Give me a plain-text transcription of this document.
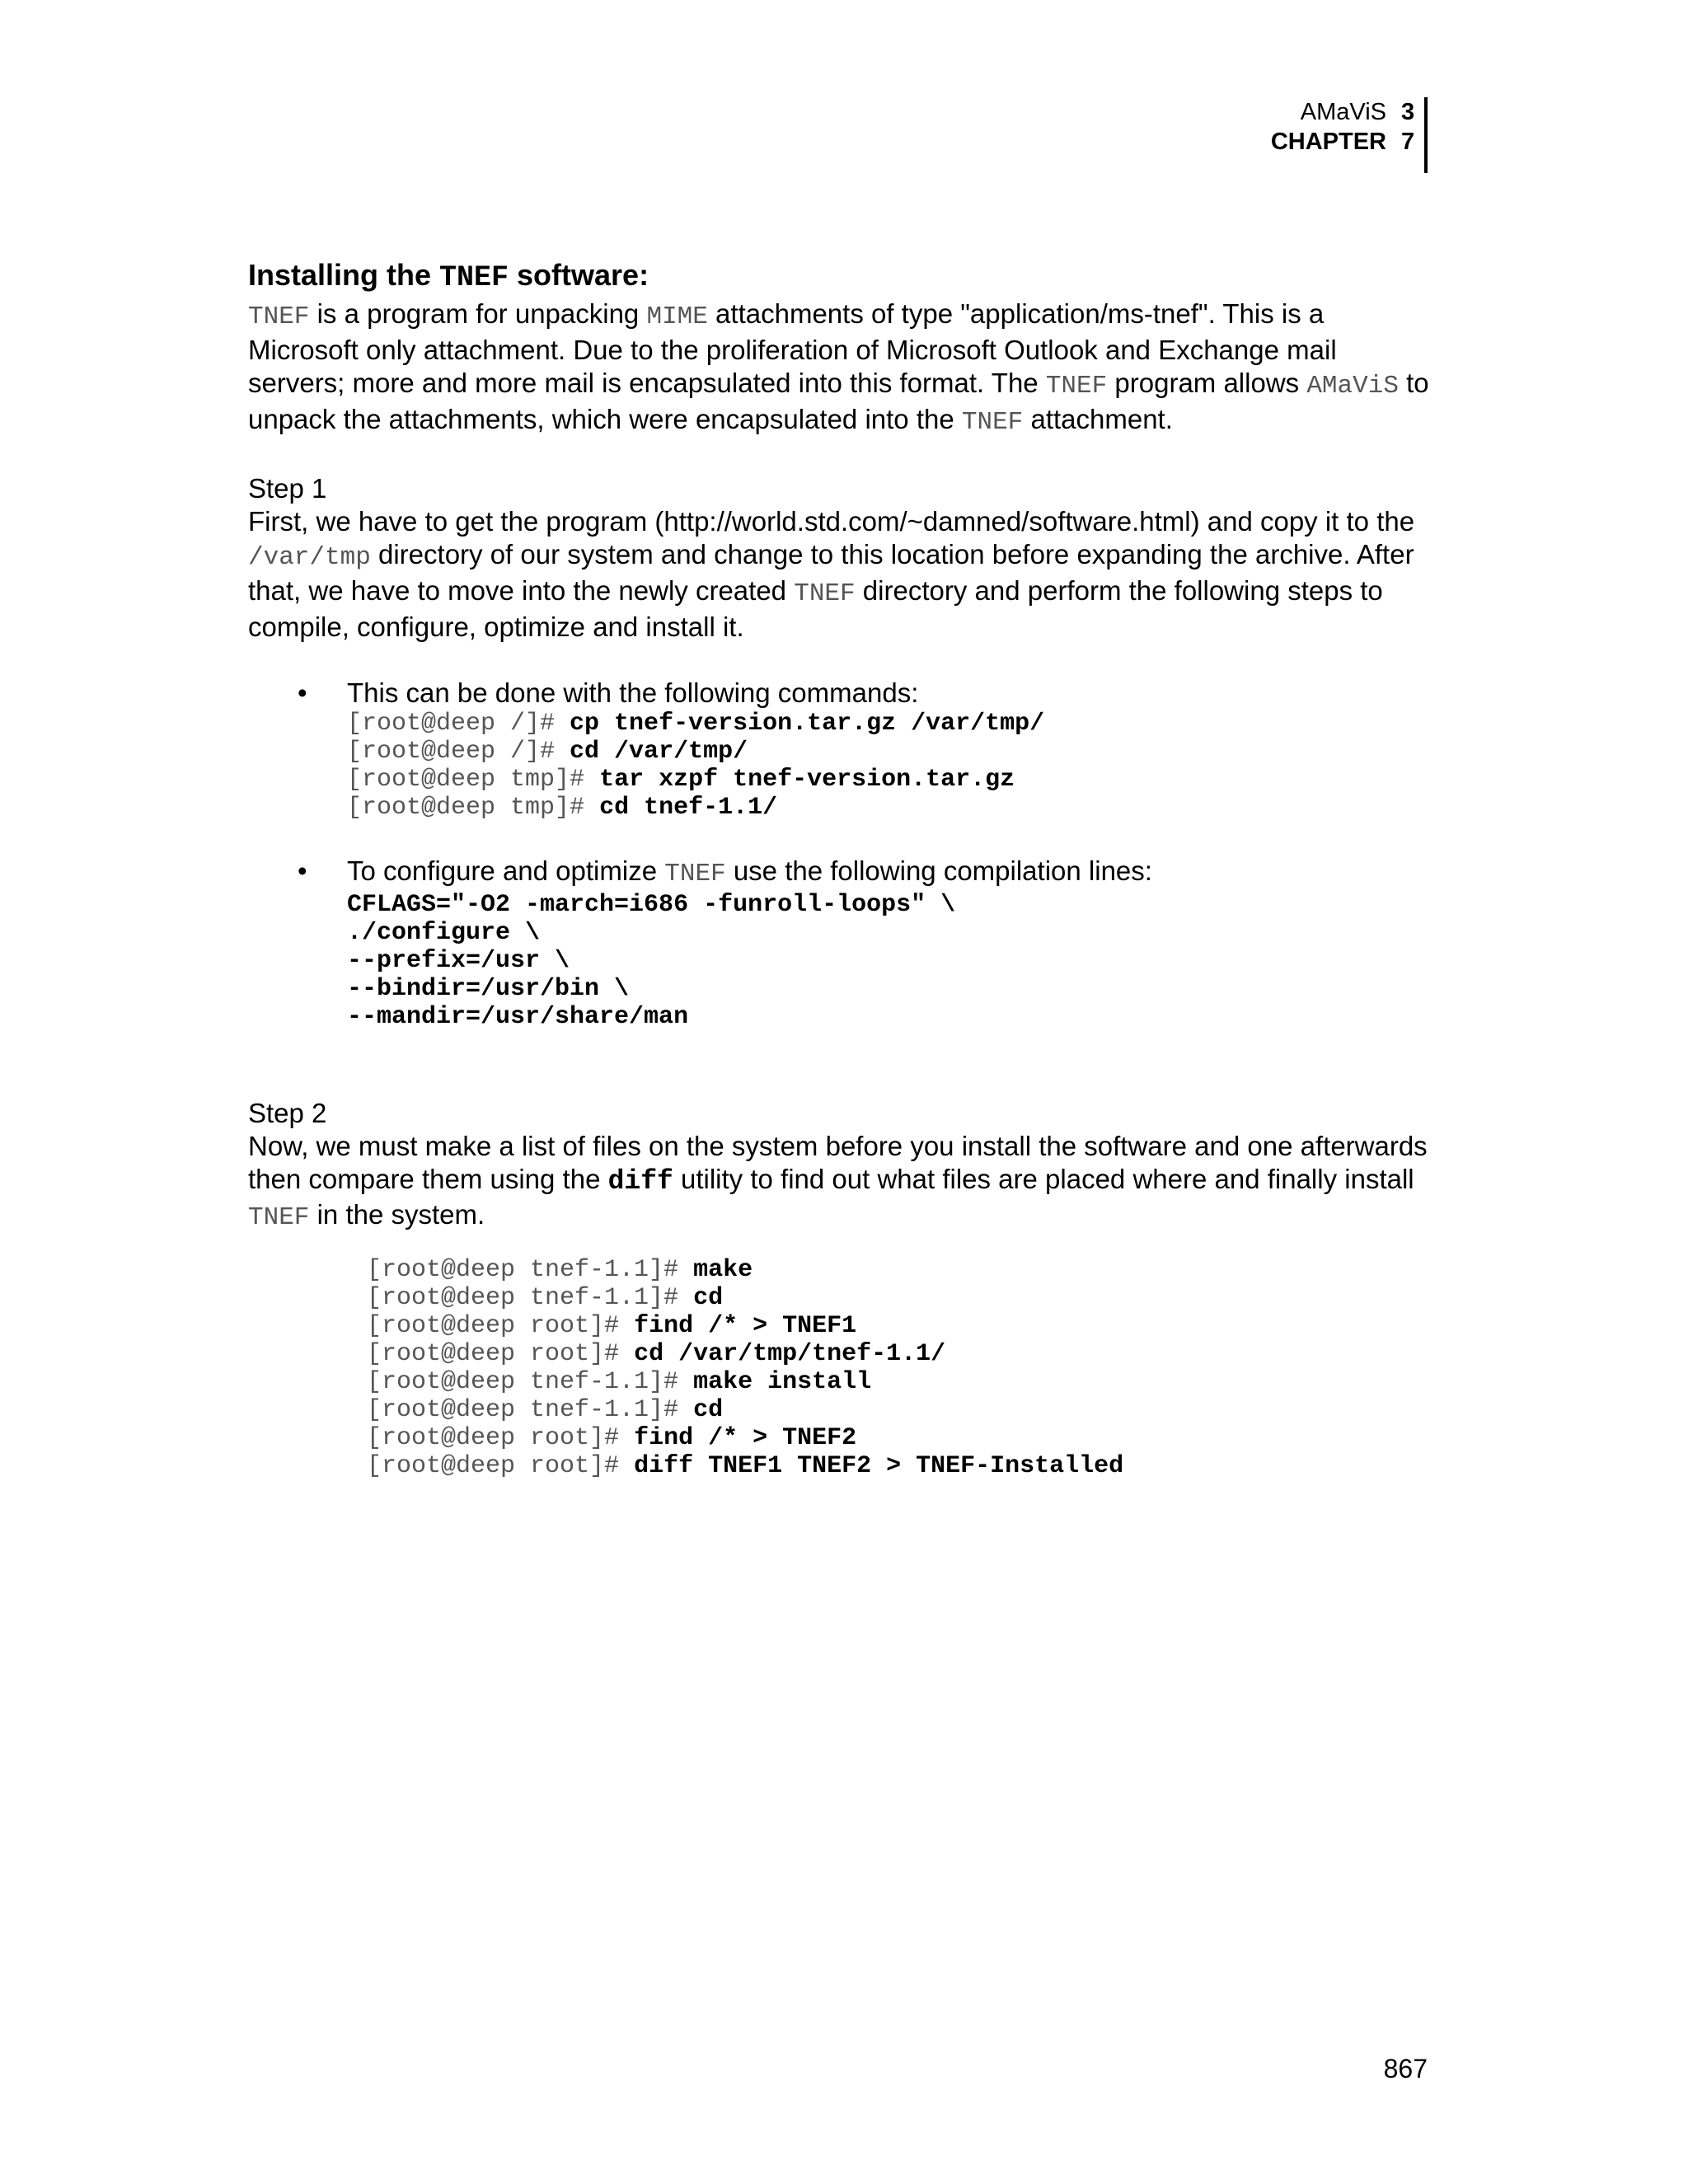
AMaViS 3
CHAPTER 7
Installing the TNEF software:

TNEF is a program for unpacking MIME attachments of type "application/ms-tnef". This is a Microsoft only attachment. Due to the proliferation of Microsoft Outlook and Exchange mail servers; more and more mail is encapsulated into this format. The TNEF program allows AMaViS to unpack the attachments, which were encapsulated into the TNEF attachment.

Step 1

First, we have to get the program (http://world.std.com/~damned/software.html) and copy it to the /var/tmp directory of our system and change to this location before expanding the archive. After that, we have to move into the newly created TNEF directory and perform the following steps to compile, configure, optimize and install it.

• This can be done with the following commands:
[root@deep /]# cp tnef-version.tar.gz /var/tmp/
[root@deep /]# cd /var/tmp/
[root@deep tmp]# tar xzpf tnef-version.tar.gz
[root@deep tmp]# cd tnef-1.1/
• To configure and optimize TNEF use the following compilation lines:
CFLAGS="-O2 -march=i686 -funroll-loops" \
./configure \
--prefix=/usr \
--bindir=/usr/bin \
--mandir=/usr/share/man

Step 2

Now, we must make a list of files on the system before you install the software and one afterwards then compare them using the diff utility to find out what files are placed where and finally install TNEF in the system.

[root@deep tnef-1.1]# make
[root@deep tnef-1.1]# cd
[root@deep root]# find /* > TNEF1
[root@deep root]# cd /var/tmp/tnef-1.1/
[root@deep tnef-1.1]# make install
[root@deep tnef-1.1]# cd
[root@deep root]# find /* > TNEF2
[root@deep root]# diff TNEF1 TNEF2 > TNEF-Installed
867
